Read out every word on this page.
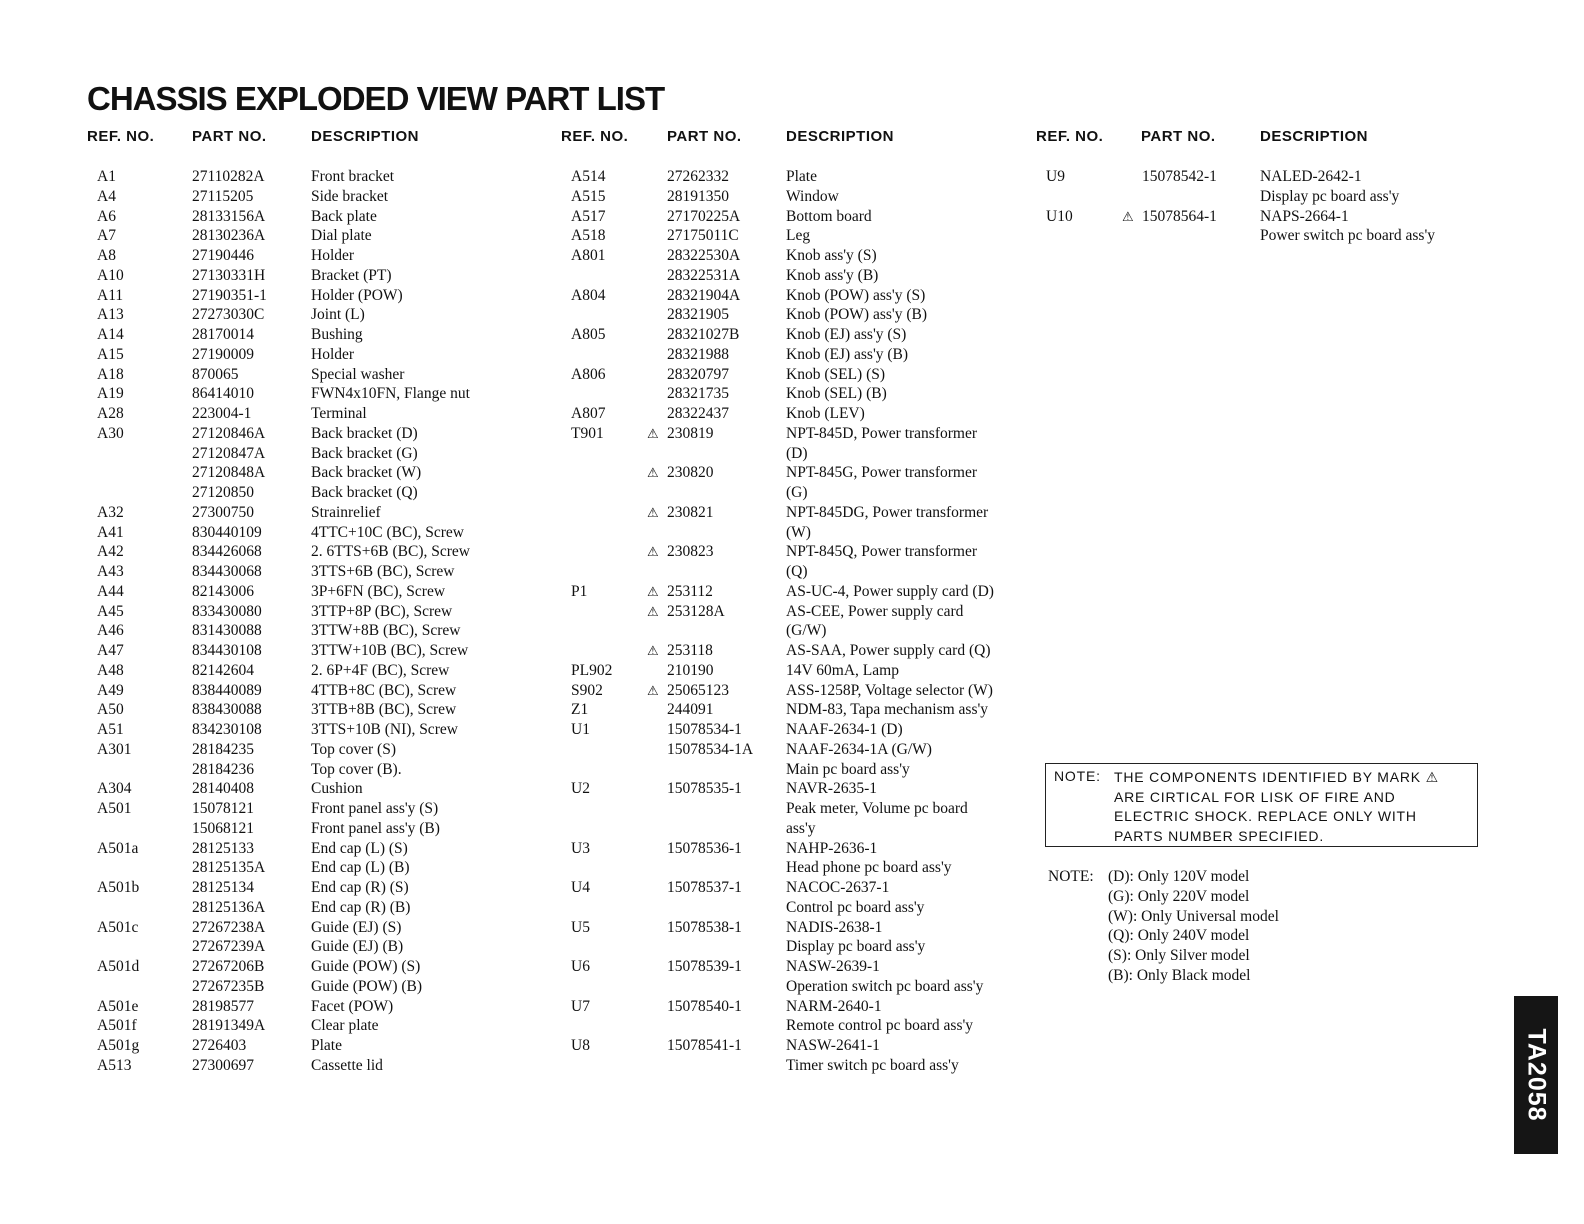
CHASSIS EXPLODED VIEW PART LIST
REF. NO.	PART NO.	DESCRIPTION	REF. NO.	PART NO.	DESCRIPTION	REF. NO.	PART NO.	DESCRIPTION
A1	27110282A	Front bracket
A4	27115205	Side bracket
A6	28133156A	Back plate
A7	28130236A	Dial plate
A8	27190446	Holder
A10	27130331H	Bracket (PT)
A11	27190351-1	Holder (POW)
A13	27273030C	Joint (L)
A14	28170014	Bushing
A15	27190009	Holder
A18	870065	Special washer
A19	86414010	FWN4x10FN, Flange nut
A28	223004-1	Terminal
A30	27120846A	Back bracket (D)
27120847A	Back bracket (G)
27120848A	Back bracket (W)
27120850	Back bracket (Q)
A32	27300750	Strainrelief
A41	830440109	4TTC+10C (BC), Screw
A42	834426068	2. 6TTS+6B (BC), Screw
A43	834430068	3TTS+6B (BC), Screw
A44	82143006	3P+6FN (BC), Screw
A45	833430080	3TTP+8P (BC), Screw
A46	831430088	3TTW+8B (BC), Screw
A47	834430108	3TTW+10B (BC), Screw
A48	82142604	2. 6P+4F (BC), Screw
A49	838440089	4TTB+8C (BC), Screw
A50	838430088	3TTB+8B (BC), Screw
A51	834230108	3TTS+10B (NI), Screw
A301	28184235	Top cover (S)
28184236	Top cover (B).
A304	28140408	Cushion
A501	15078121	Front panel ass'y (S)
15068121	Front panel ass'y (B)
A501a	28125133	End cap (L) (S)
28125135A	End cap (L) (B)
A501b	28125134	End cap (R) (S)
28125136A	End cap (R) (B)
A501c	27267238A	Guide (EJ) (S)
27267239A	Guide (EJ) (B)
A501d	27267206B	Guide (POW) (S)
27267235B	Guide (POW) (B)
A501e	28198577	Facet (POW)
A501f	28191349A	Clear plate
A501g	2726403	Plate
A513	27300697	Cassette lid
A514	27262332	Plate
A515	28191350	Window
A517	27170225A	Bottom board
A518	27175011C	Leg
A801	28322530A	Knob ass'y (S)
28322531A	Knob ass'y (B)
A804	28321904A	Knob (POW) ass'y (S)
28321905	Knob (POW) ass'y (B)
A805	28321027B	Knob (EJ) ass'y (S)
28321988	Knob (EJ) ass'y (B)
A806	28320797	Knob (SEL) (S)
28321735	Knob (SEL) (B)
A807	28322437	Knob (LEV)
T901	⚠ 230819	NPT-845D, Power transformer
(D)
⚠ 230820	NPT-845G, Power transformer
(G)
⚠ 230821	NPT-845DG, Power transformer
(W)
⚠ 230823	NPT-845Q, Power transformer
(Q)
P1	⚠ 253112	AS-UC-4, Power supply card (D)
⚠ 253128A	AS-CEE, Power supply card
(G/W)
⚠ 253118	AS-SAA, Power supply card (Q)
PL902	210190	14V 60mA, Lamp
S902	⚠ 25065123	ASS-1258P, Voltage selector (W)
Z1	244091	NDM-83, Tapa mechanism ass'y
U1	15078534-1	NAAF-2634-1 (D)
15078534-1A NAAF-2634-1A (G/W)
Main pc board ass'y
U2	15078535-1	NAVR-2635-1
Peak meter, Volume pc board
ass'y
U3	15078536-1	NAHP-2636-1
Head phone pc board ass'y
U4	15078537-1	NACOC-2637-1
Control pc board ass'y
U5	15078538-1	NADIS-2638-1
Display pc board ass'y
U6	15078539-1	NASW-2639-1
Operation switch pc board ass'y
U7	15078540-1	NARM-2640-1
Remote control pc board ass'y
U8	15078541-1	NASW-2641-1
Timer switch pc board ass'y
U9	15078542-1	NALED-2642-1
Display pc board ass'y
U10	⚠ 15078564-1	NAPS-2664-1
Power switch pc board ass'y
NOTE: THE COMPONENTS IDENTIFIED BY MARK ⚠
ARE CIRTICAL FOR LISK OF FIRE AND
ELECTRIC SHOCK. REPLACE ONLY WITH
PARTS NUMBER SPECIFIED.
NOTE: (D): Only 120V model
(G): Only 220V model
(W): Only Universal model
(Q): Only 240V model
(S): Only Silver model
(B): Only Black model
TA2058
